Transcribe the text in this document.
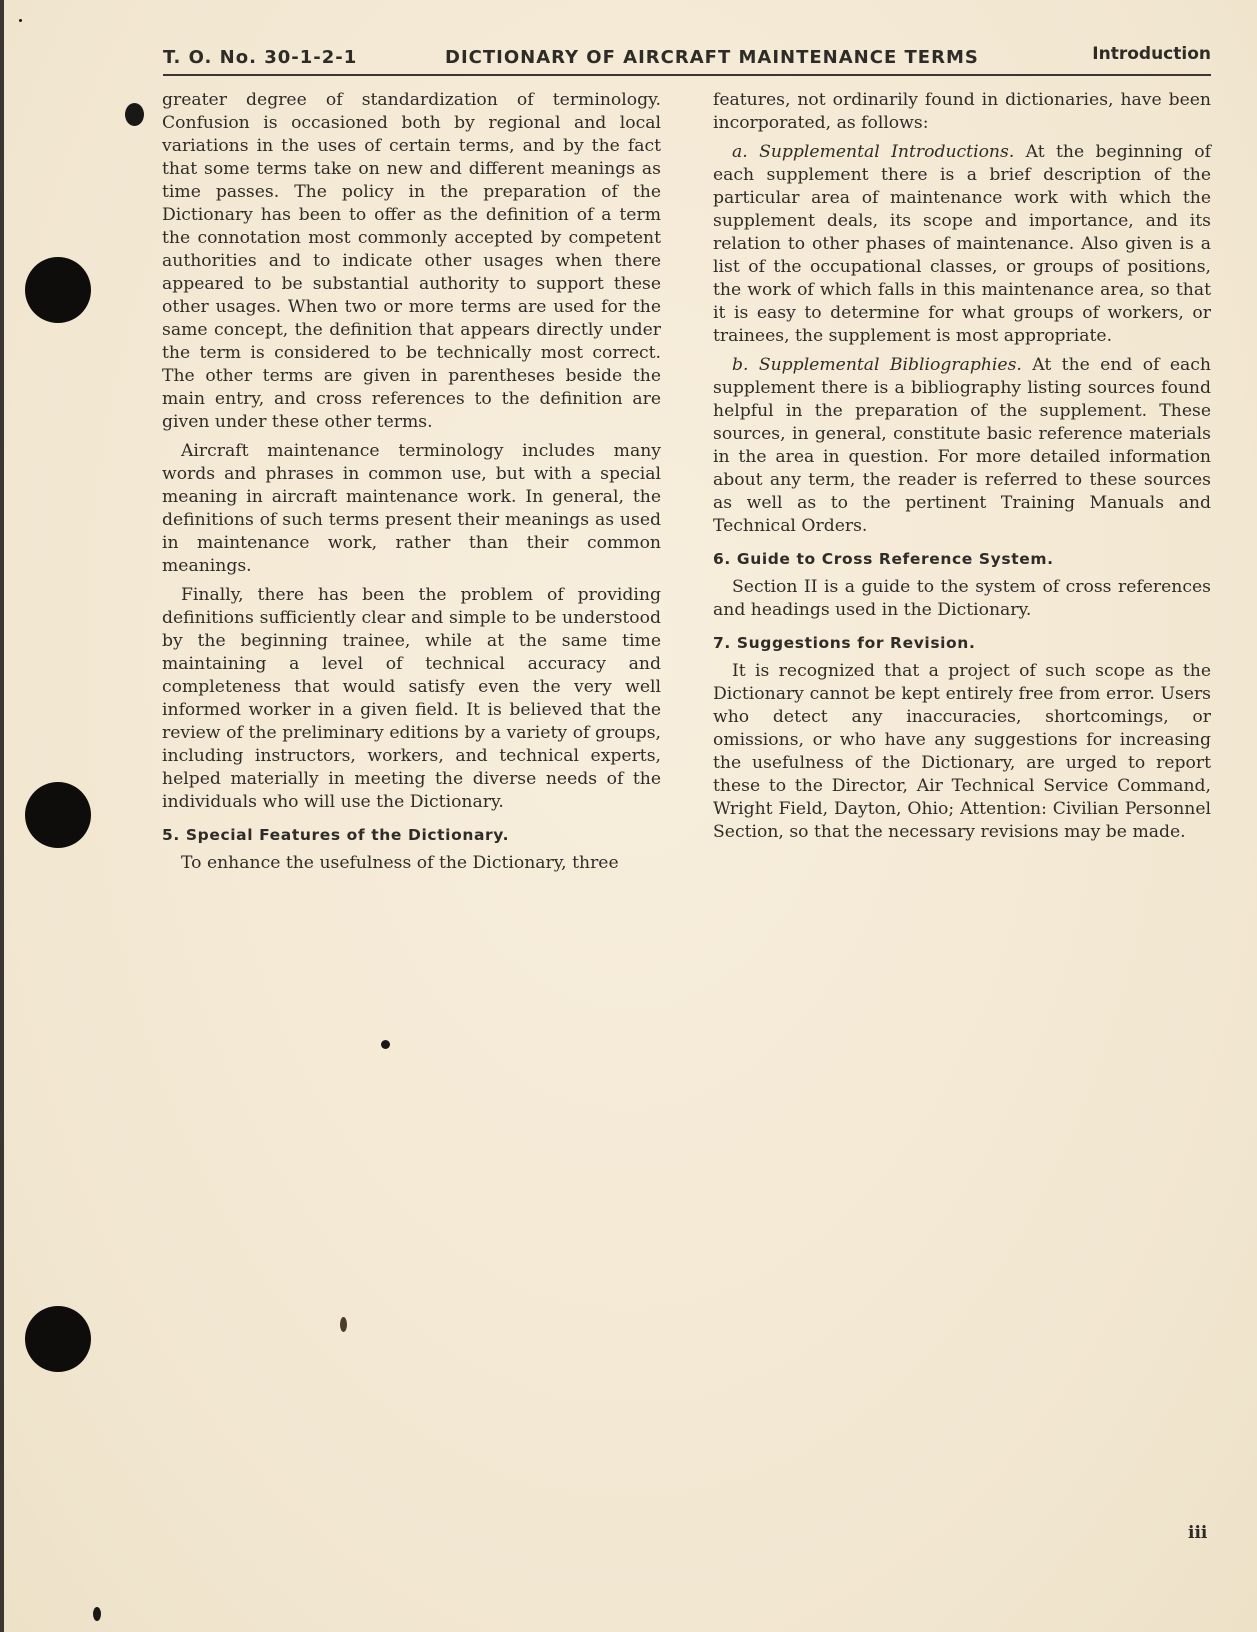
T. O. No. 30-1-2-1	DICTIONARY OF AIRCRAFT MAINTENANCE TERMS	Introduction

greater degree of standardization of terminology. Confusion is occasioned both by regional and local variations in the uses of certain terms, and by the fact that some terms take on new and different meanings as time passes. The policy in the preparation of the Dictionary has been to offer as the definition of a term the connotation most commonly accepted by competent authorities and to indicate other usages when there appeared to be substantial authority to support these other usages. When two or more terms are used for the same concept, the definition that appears directly under the term is considered to be technically most correct. The other terms are given in parentheses beside the main entry, and cross references to the definition are given under these other terms.

Aircraft maintenance terminology includes many words and phrases in common use, but with a special meaning in aircraft maintenance work. In general, the definitions of such terms present their meanings as used in maintenance work, rather than their common meanings.

Finally, there has been the problem of providing definitions sufficiently clear and simple to be understood by the beginning trainee, while at the same time maintaining a level of technical accuracy and completeness that would satisfy even the very well informed worker in a given field. It is believed that the review of the preliminary editions by a variety of groups, including instructors, workers, and technical experts, helped materially in meeting the diverse needs of the individuals who will use the Dictionary.

5. Special Features of the Dictionary.

To enhance the usefulness of the Dictionary, three

features, not ordinarily found in dictionaries, have been incorporated, as follows:

a. Supplemental Introductions. At the beginning of each supplement there is a brief description of the particular area of maintenance work with which the supplement deals, its scope and importance, and its relation to other phases of maintenance. Also given is a list of the occupational classes, or groups of positions, the work of which falls in this maintenance area, so that it is easy to determine for what groups of workers, or trainees, the supplement is most appropriate.

b. Supplemental Bibliographies. At the end of each supplement there is a bibliography listing sources found helpful in the preparation of the supplement. These sources, in general, constitute basic reference materials in the area in question. For more detailed information about any term, the reader is referred to these sources as well as to the pertinent Training Manuals and Technical Orders.

6. Guide to Cross Reference System.

Section II is a guide to the system of cross references and headings used in the Dictionary.

7. Suggestions for Revision.

It is recognized that a project of such scope as the Dictionary cannot be kept entirely free from error. Users who detect any inaccuracies, shortcomings, or omissions, or who have any suggestions for increasing the usefulness of the Dictionary, are urged to report these to the Director, Air Technical Service Command, Wright Field, Dayton, Ohio; Attention: Civilian Personnel Section, so that the necessary revisions may be made.

iii
